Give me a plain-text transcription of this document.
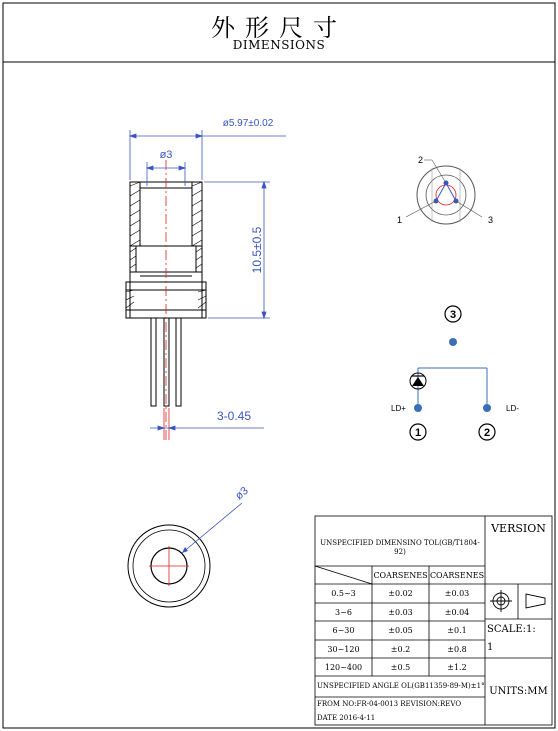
ø5.97±0.02
ø3
10.5±0.5
3-0.45
2
1	3
3
1	2
LD+	LD-
ø3
外形尺寸
DIMENSIONS
UNSPECIFIED DIMENSINO TOL(GB/T1804-92)
VERSION
COARSENES COARSENES
0.5~3	±0.02	±0.03
3~6	±0.03	±0.04
6~30	±0.05	±0.1
30~120	±0.2	±0.8
120~400	±0.5	±1.2
SCALE:1:
1
UNSPECIFIED ANGLE OL(GB11359-89-M)±1° UNITS:MM
FROM NO:FR-04-0013 REVISION:REVO
DATE 2016-4-11
